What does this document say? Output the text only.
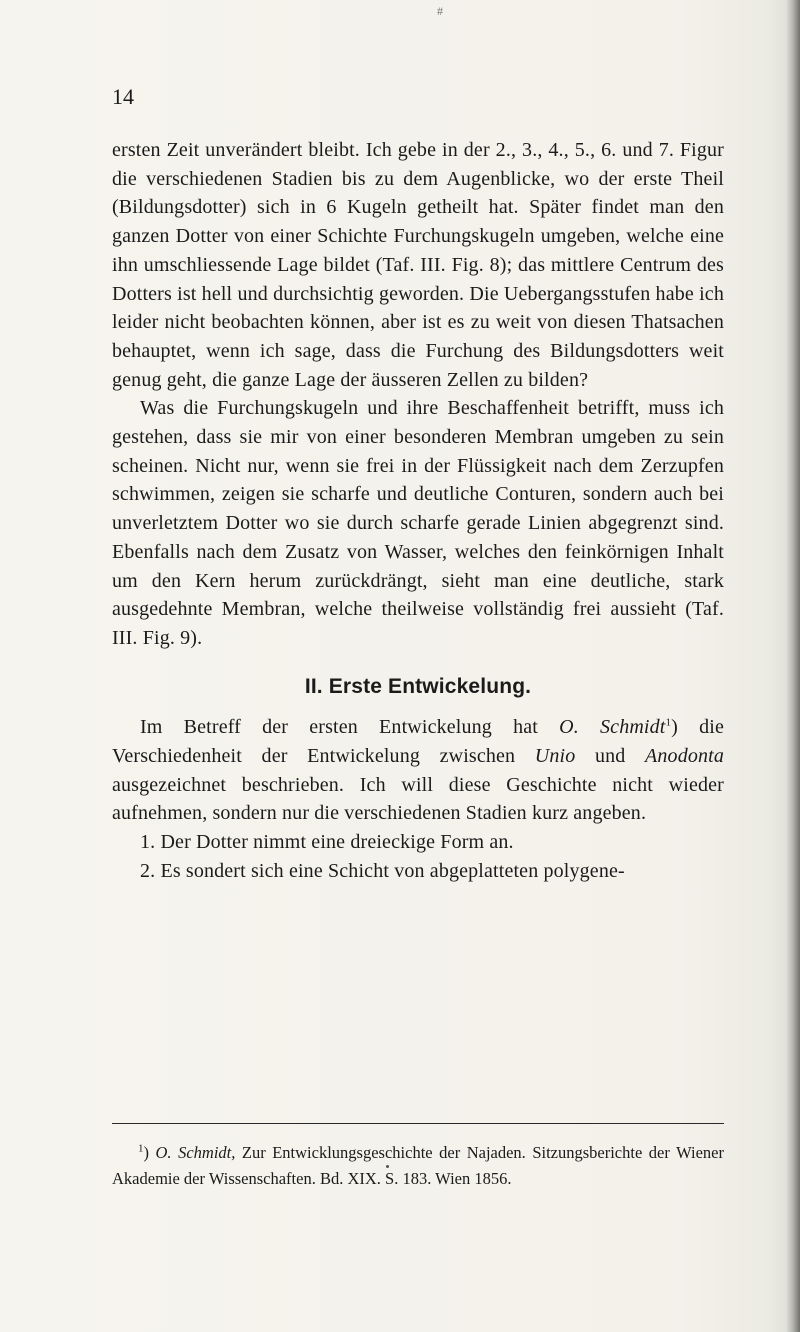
#

14

ersten Zeit unverändert bleibt. Ich gebe in der 2., 3., 4., 5., 6. und 7. Figur die verschiedenen Stadien bis zu dem Augenblicke, wo der erste Theil (Bildungsdotter) sich in 6 Kugeln getheilt hat. Später findet man den ganzen Dotter von einer Schichte Furchungskugeln umgeben, welche eine ihn umschliessende Lage bildet (Taf. III. Fig. 8); das mittlere Centrum des Dotters ist hell und durchsichtig geworden. Die Uebergangsstufen habe ich leider nicht beobachten können, aber ist es zu weit von diesen Thatsachen behauptet, wenn ich sage, dass die Furchung des Bildungsdotters weit genug geht, die ganze Lage der äusseren Zellen zu bilden?

Was die Furchungskugeln und ihre Beschaffenheit betrifft, muss ich gestehen, dass sie mir von einer besonderen Membran umgeben zu sein scheinen. Nicht nur, wenn sie frei in der Flüssigkeit nach dem Zerzupfen schwimmen, zeigen sie scharfe und deutliche Conturen, sondern auch bei unverletztem Dotter wo sie durch scharfe gerade Linien abgegrenzt sind. Ebenfalls nach dem Zusatz von Wasser, welches den feinkörnigen Inhalt um den Kern herum zurückdrängt, sieht man eine deutliche, stark ausgedehnte Membran, welche theilweise vollständig frei aussieht (Taf. III. Fig. 9).

II. Erste Entwickelung.

Im Betreff der ersten Entwickelung hat O. Schmidt$^1$) die Verschiedenheit der Entwickelung zwischen Unio und Anodonta ausgezeichnet beschrieben. Ich will diese Geschichte nicht wieder aufnehmen, sondern nur die verschiedenen Stadien kurz angeben.

1. Der Dotter nimmt eine dreieckige Form an.

2. Es sondert sich eine Schicht von abgeplatteten polygene-

$^1$) O. Schmidt, Zur Entwicklungsgeschichte der Najaden. Sitzungsberichte der Wiener Akademie der Wissenschaften. Bd. XIX. S. 183. Wien 1856.
